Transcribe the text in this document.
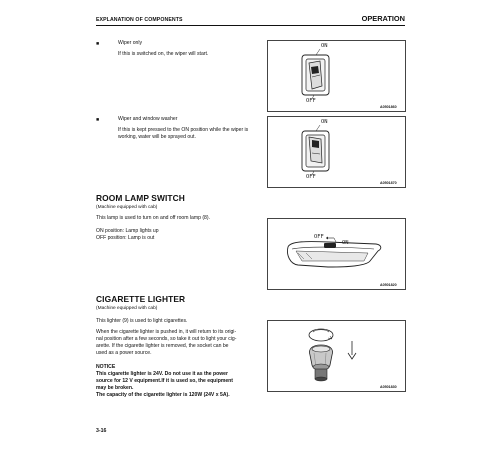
EXPLANATION OF COMPONENTS	OPERATION
■	Wiper only
If this is switched on, the wiper will start.
■	Wiper and window washer
If this is kept pressed to the ON position while the wiper is
working, water will be sprayed out.
ROOM LAMP SWITCH
(Machine equipped with cab)
This lamp is used to turn on and off room lamp (8).
ON position: Lamp lights up
OFF position: Lamp is out
CIGARETTE LIGHTER
(Machine equipped with cab)
This lighter (9) is used to light cigarettes.
When the cigarette lighter is pushed in, it will return to its origi-
nal position after a few seconds, so take it out to light your cig-
arette. If the cigarette lighter is removed, the socket can be
used as a power source.
NOTICE
This cigarette lighter is 24V. Do not use it as the power
source for 12 V equipment.If it is used so, the equipment
may be broken.
The capacity of the cigarette lighter is 120W (24V x 5A).
ON
OFF
A0501860
ON
OFF
A0501870
OFF
ON
A0501820
A0501830
3-16
